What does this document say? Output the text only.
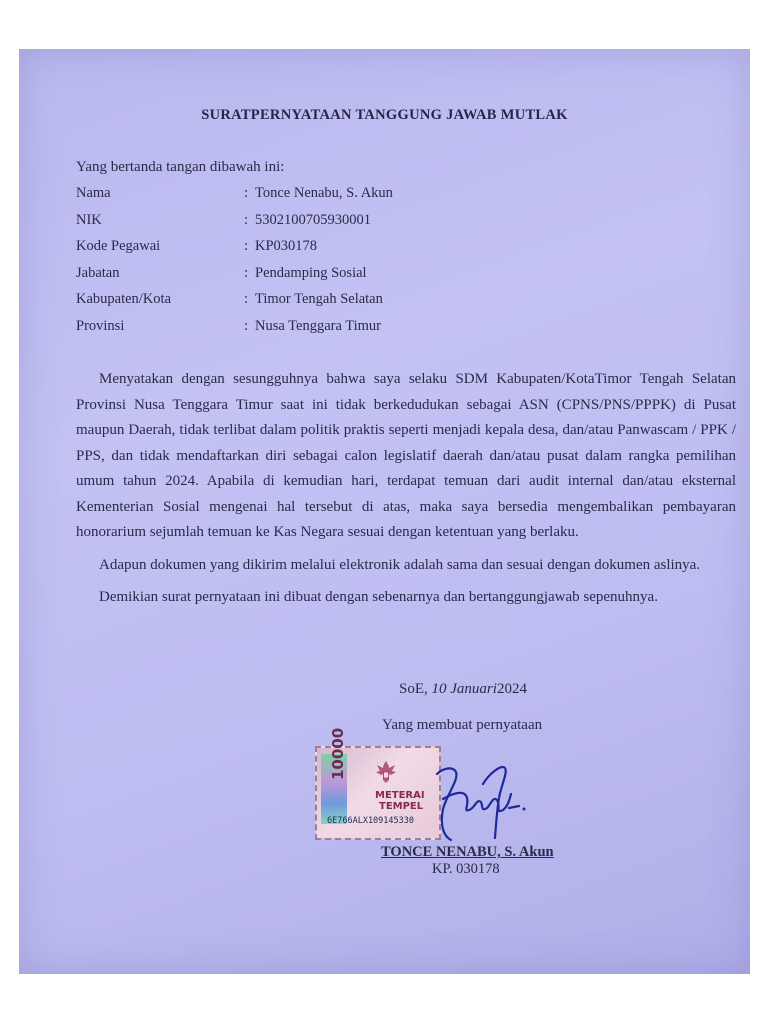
SURATPERNYATAAN TANGGUNG JAWAB MUTLAK
Yang bertanda tangan dibawah ini:
Nama	: Tonce Nenabu, S. Akun
NIK	: 5302100705930001
Kode Pegawai	: KP030178
Jabatan	: Pendamping Sosial
Kabupaten/Kota	: Timor Tengah Selatan
Provinsi	: Nusa Tenggara Timur

Menyatakan dengan sesungguhnya bahwa saya selaku SDM Kabupaten/KotaTimor Tengah Selatan Provinsi Nusa Tenggara Timur saat ini tidak berkedudukan sebagai ASN (CPNS/PNS/PPPK) di Pusat maupun Daerah, tidak terlibat dalam politik praktis seperti menjadi kepala desa, dan/atau Panwascam / PPK / PPS, dan tidak mendaftarkan diri sebagai calon legislatif daerah dan/atau pusat dalam rangka pemilihan umum tahun 2024. Apabila di kemudian hari, terdapat temuan dari audit internal dan/atau eksternal Kementerian Sosial mengenai hal tersebut di atas, maka saya bersedia mengembalikan pembayaran honorarium sejumlah temuan ke Kas Negara sesuai dengan ketentuan yang berlaku.

Adapun dokumen yang dikirim melalui elektronik adalah sama dan sesuai dengan dokumen aslinya.

Demikian surat pernyataan ini dibuat dengan sebenarnya dan bertanggungjawab sepenuhnya.

SoE, 10 Januari2024
Yang membuat pernyataan
10000
METERAI
TEMPEL
6E766ALX109145330
TONCE NENABU, S. Akun
KP. 030178
